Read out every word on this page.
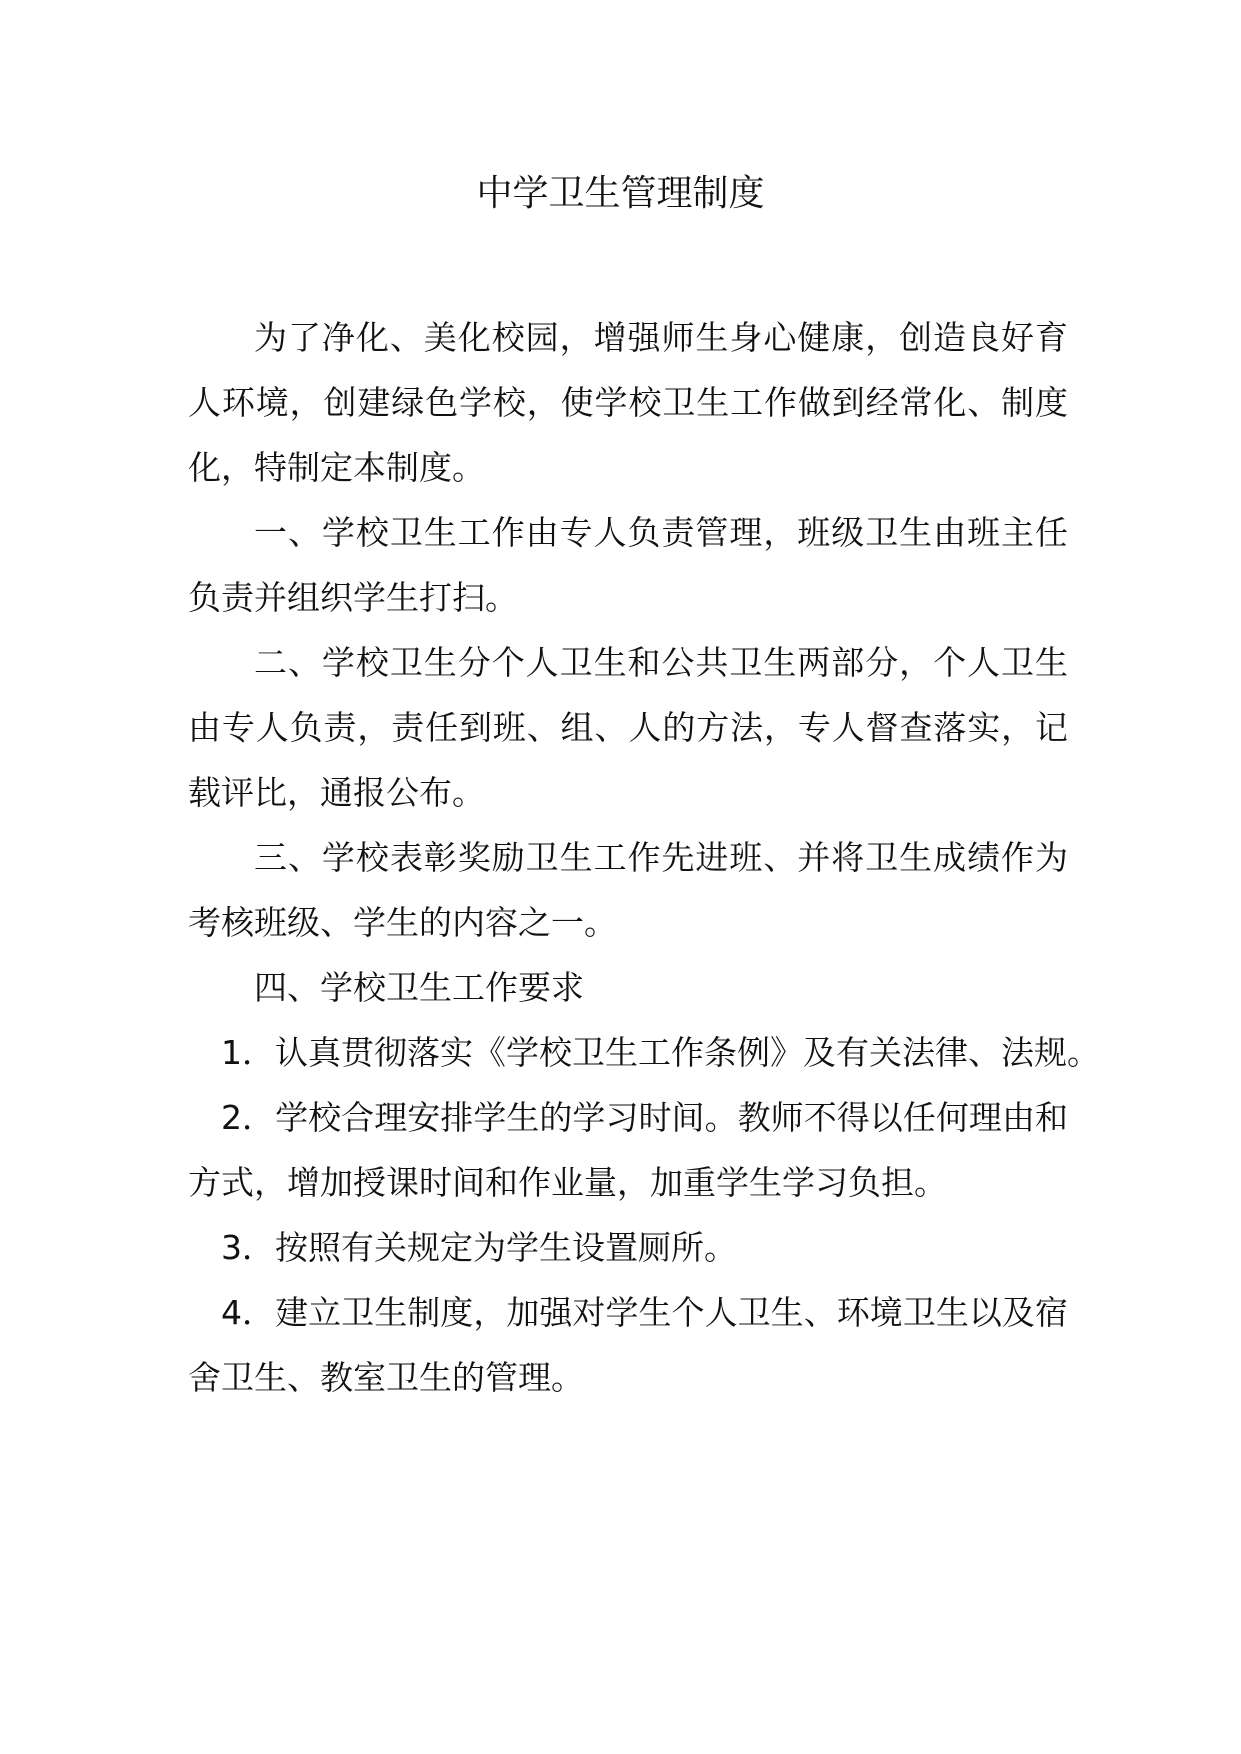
中学卫生管理制度

为了净化、美化校园，增强师生身心健康，创造良好育人环境，创建绿色学校，使学校卫生工作做到经常化、制度化，特制定本制度。

一、学校卫生工作由专人负责管理，班级卫生由班主任负责并组织学生打扫。

二、学校卫生分个人卫生和公共卫生两部分，个人卫生由专人负责，责任到班、组、人的方法，专人督查落实，记载评比，通报公布。

三、学校表彰奖励卫生工作先进班、并将卫生成绩作为考核班级、学生的内容之一。

四、学校卫生工作要求

1．认真贯彻落实《学校卫生工作条例》及有关法律、法规。

2．学校合理安排学生的学习时间。教师不得以任何理由和方式，增加授课时间和作业量，加重学生学习负担。

3．按照有关规定为学生设置厕所。

4．建立卫生制度，加强对学生个人卫生、环境卫生以及宿舍卫生、教室卫生的管理。
